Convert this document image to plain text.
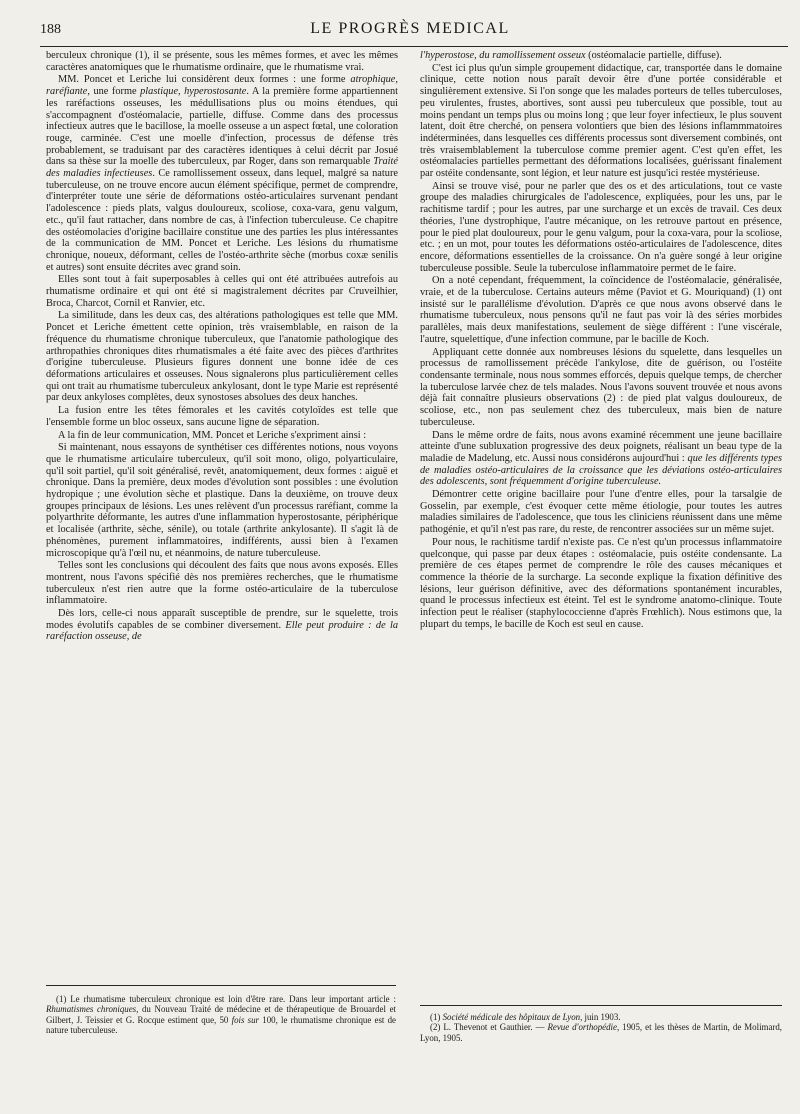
188	LE PROGRÈS MEDICAL

berculeux chronique (1), il se présente, sous les mêmes formes, et avec les mêmes caractères anatomiques que le rhumatisme ordinaire, que le rhumatisme vrai.

MM. Poncet et Leriche lui considèrent deux formes : une forme atrophique, raréfiante, une forme plastique, hyperostosante. A la première forme appartiennent les raréfactions osseuses, les médullisations plus ou moins étendues, qui s'accompagnent d'ostéomalacie, partielle, diffuse. Comme dans des processus infectieux autres que le bacillose, la moelle osseuse a un aspect fœtal, une coloration rouge, carminée. C'est une moelle d'infection, processus de défense très probablement, se traduisant par des caractères identiques à celui décrit par Josué dans sa thèse sur la moelle des tuberculeux, par Roger, dans son remarquable Traité des maladies infectieuses. Ce ramollissement osseux, dans lequel, malgré sa nature tuberculeuse, on ne trouve encore aucun élément spécifique, permet de comprendre, d'interpréter toute une série de déformations ostéo-articulaires survenant pendant l'adolescence : pieds plats, valgus douloureux, scoliose, coxa-vara, genu valgum, etc., qu'il faut rattacher, dans nombre de cas, à l'infection tuberculeuse. Ce chapitre des ostéomolacies d'origine bacillaire constitue une des parties les plus intéressantes de la communication de MM. Poncet et Leriche. Les lésions du rhumatisme chronique, noueux, déformant, celles de l'ostéo-arthrite sèche (morbus coxæ senilis et autres) sont ensuite décrites avec grand soin.

Elles sont tout à fait superposables à celles qui ont été attribuées autrefois au rhumatisme ordinaire et qui ont été si magistralement décrites par Cruveilhier, Broca, Charcot, Cornil et Ranvier, etc.

La similitude, dans les deux cas, des altérations pathologiques est telle que MM. Poncet et Leriche émettent cette opinion, très vraisemblable, en raison de la fréquence du rhumatisme chronique tuberculeux, que l'anatomie pathologique des arthropathies chroniques dites rhumatismales a été faite avec des pièces d'arthrites d'origine tuberculeuse. Plusieurs figures donnent une bonne idée de ces déformations articulaires et osseuses. Nous signalerons plus particulièrement celles qui ont trait au rhumatisme tuberculeux ankylosant, dont le type Marie est représenté par deux ankyloses complètes, deux synostoses absolues des deux hanches.

La fusion entre les têtes fémorales et les cavités cotyloïdes est telle que l'ensemble forme un bloc osseux, sans aucune ligne de séparation.

A la fin de leur communication, MM. Poncet et Leriche s'expriment ainsi :

Si maintenant, nous essayons de synthétiser ces différentes notions, nous voyons que le rhumatisme articulaire tuberculeux, qu'il soit mono, oligo, polyarticulaire, qu'il soit partiel, qu'il soit généralisé, revêt, anatomiquement, deux formes : aiguë et chronique. Dans la première, deux modes d'évolution sont possibles : une évolution hydropique ; une évolution sèche et plastique. Dans la deuxième, on trouve deux groupes principaux de lésions. Les unes relèvent d'un processus raréfiant, comme la polyarthrite déformante, les autres d'une inflammation hyperostosante, périphérique et localisée (arthrite, sèche, sénile), ou totale (arthrite ankylosante). Il s'agit là de phénomènes, purement inflammatoires, indifférents, aussi bien à l'examen microscopique qu'à l'œil nu, et néanmoins, de nature tuberculeuse.

Telles sont les conclusions qui découlent des faits que nous avons exposés. Elles montrent, nous l'avons spécifié dès nos premières recherches, que le rhumatisme tuberculeux n'est rien autre que la forme ostéo-articulaire de la tuberculose inflammatoire.

Dès lors, celle-ci nous apparaît susceptible de prendre, sur le squelette, trois modes évolutifs capables de se combiner diversement. Elle peut produire : de la raréfaction osseuse, de

l'hyperostose, du ramollissement osseux (ostéomalacie partielle, diffuse).

C'est ici plus qu'un simple groupement didactique, car, transportée dans le domaine clinique, cette notion nous paraît devoir être d'une portée considérable et singulièrement extensive. Si l'on songe que les malades porteurs de telles tuberculoses, peu virulentes, frustes, abortives, sont aussi peu tuberculeux que possible, tout au moins pendant un temps plus ou moins long ; que leur foyer infectieux, le plus souvent latent, doit être cherché, on pensera volontiers que bien des lésions inflammmatoires indéterminées, dans lesquelles ces différents processus sont diversement combinés, ont très vraisemblablement la tuberculose comme premier agent. C'est qu'en effet, les ostéomalacies partielles permettant des déformations localisées, guérissant finalement par ostéite condensante, sont légion, et leur nature est jusqu'ici restée mystérieuse.

Ainsi se trouve visé, pour ne parler que des os et des articulations, tout ce vaste groupe des maladies chirurgicales de l'adolescence, expliquées, pour les uns, par le rachitisme tardif ; pour les autres, par une surcharge et un excès de travail. Ces deux théories, l'une dystrophique, l'autre mécanique, on les retrouve partout en présence, pour le pied plat douloureux, pour le genu valgum, pour la coxa-vara, pour la scoliose, etc. ; en un mot, pour toutes les déformations ostéo-articulaires de l'adolescence, dites encore, déformations essentielles de la croissance. On n'a guère songé à leur origine tuberculeuse possible. Seule la tuberculose inflammatoire permet de le faire.

On a noté cependant, fréquemment, la coïncidence de l'ostéomalacie, généralisée, vraie, et de la tuberculose. Certains auteurs même (Paviot et G. Mouriquand) (1) ont insisté sur le parallélisme d'évolution. D'après ce que nous avons observé dans le rhumatisme tuberculeux, nous pensons qu'il ne faut pas voir là des séries morbides parallèles, mais deux manifestations, seulement de siège différent : l'une viscérale, l'autre, squelettique, d'une infection commune, par le bacille de Koch.

Appliquant cette donnée aux nombreuses lésions du squelette, dans lesquelles un processus de ramollissement précède l'ankylose, dite de guérison, ou l'ostéite condensante terminale, nous nous sommes efforcés, depuis quelque temps, de chercher la tuberculose larvée chez de tels malades. Nous l'avons souvent trouvée et nous avons déjà fait connaître plusieurs observations (2) : de pied plat valgus douloureux, de scoliose, etc., non pas seulement chez des tuberculeux, mais bien de nature tuberculeuse.

Dans le même ordre de faits, nous avons examiné récemment une jeune bacillaire atteinte d'une subluxation progressive des deux poignets, réalisant un beau type de la maladie de Madelung, etc. Aussi nous considérons aujourd'hui : que les différents types de maladies ostéo-articulaires de la croissance que les déviations ostéo-articulaires des adolescents, sont fréquemment d'origine tuberculeuse.

Démontrer cette origine bacillaire pour l'une d'entre elles, pour la tarsalgie de Gosselin, par exemple, c'est évoquer cette même étiologie, pour toutes les autres maladies similaires de l'adolescence, que tous les cliniciens réunissent dans une même pathogénie, et qu'il n'est pas rare, du reste, de rencontrer associées sur un même sujet.

Pour nous, le rachitisme tardif n'existe pas. Ce n'est qu'un processus inflammatoire quelconque, qui passe par deux étapes : ostéomalacie, puis ostéite condensante. La première de ces étapes permet de comprendre le rôle des causes mécaniques et commence la théorie de la surcharge. La seconde explique la fixation définitive des lésions, leur guérison définitive, avec des déformations spontanément incurables, quand le processus infectieux est éteint. Tel est le syndrome anatomo-clinique. Toute infection peut le réaliser (staphylococcienne d'après Frœhlich). Nous estimons que, la plupart du temps, le bacille de Koch est seul en cause.

(1) Le rhumatisme tuberculeux chronique est loin d'être rare. Dans leur important article : Rhumatismes chroniques, du Nouveau Traité de médecine et de thérapeutique de Brouardel et Gilbert, J. Teissier et G. Rocque estiment que, 50 fois sur 100, le rhumatisme chronique est de nature tuberculeuse.

(1) Société médicale des hôpitaux de Lyon, juin 1903.

(2) L. Thevenot et Gauthier. — Revue d'orthopédie, 1905, et les thèses de Martin, de Molimard, Lyon, 1905.
